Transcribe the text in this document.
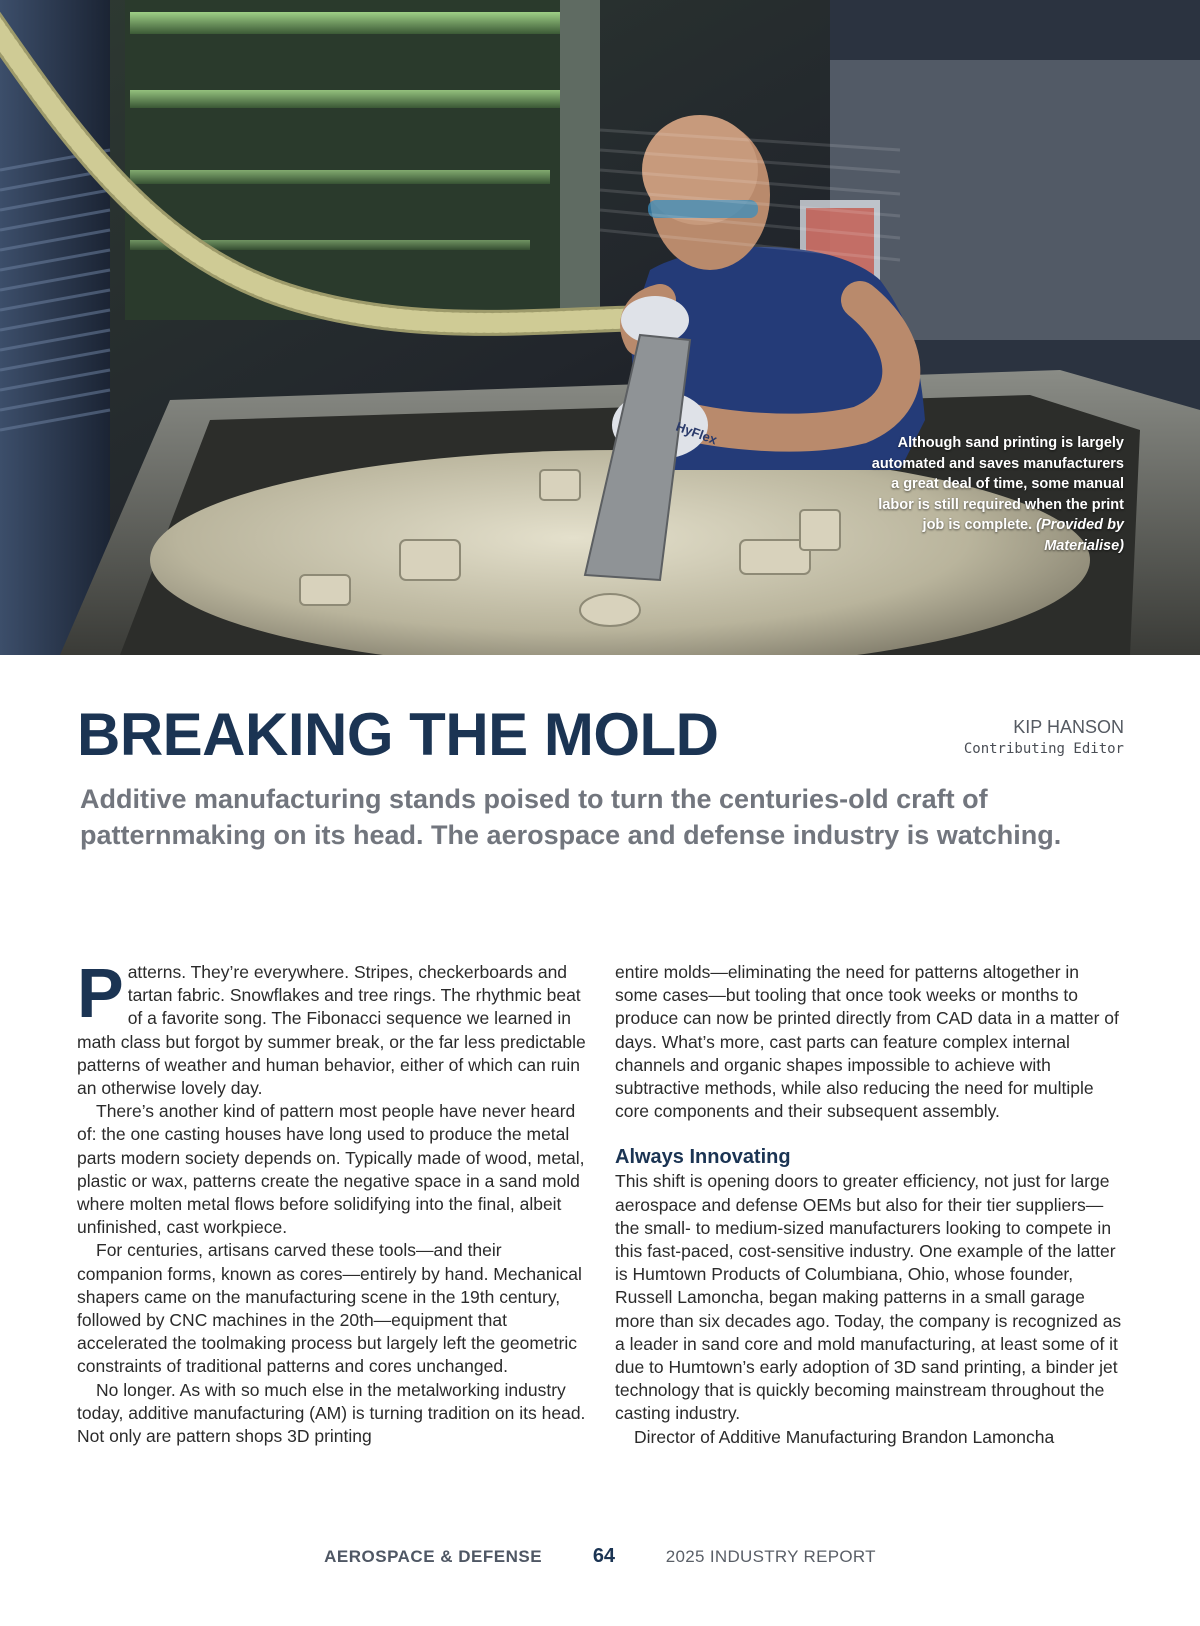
HyFlex	Although sand printing is largely automated and saves manufacturers a great deal of time, some manual labor is still required when the print job is complete. (Provided by Materialise)
BREAKING THE MOLD	KIP HANSON
Contributing Editor

Additive manufacturing stands poised to turn the centuries-old craft of patternmaking on its head. The aerospace and defense industry is watching.

Patterns. They’re everywhere. Stripes, checkerboards and tartan fabric. Snowflakes and tree rings. The rhythmic beat of a favorite song. The Fibonacci sequence we learned in math class but forgot by summer break, or the far less predictable patterns of weather and human behavior, either of which can ruin an otherwise lovely day.

There’s another kind of pattern most people have never heard of: the one casting houses have long used to produce the metal parts modern society depends on. Typically made of wood, metal, plastic or wax, patterns create the negative space in a sand mold where molten metal flows before solidifying into the final, albeit unfinished, cast workpiece.

For centuries, artisans carved these tools—and their companion forms, known as cores—entirely by hand. Mechanical shapers came on the manufacturing scene in the 19th century, followed by CNC machines in the 20th—equipment that accelerated the toolmaking process but largely left the geometric constraints of traditional patterns and cores unchanged.

No longer. As with so much else in the metalworking industry today, additive manufacturing (AM) is turning tradition on its head. Not only are pattern shops 3D printing

entire molds—eliminating the need for patterns altogether in some cases—but tooling that once took weeks or months to produce can now be printed directly from CAD data in a matter of days. What’s more, cast parts can feature complex internal channels and organic shapes impossible to achieve with subtractive methods, while also reducing the need for multiple core components and their subsequent assembly.

Always Innovating

This shift is opening doors to greater efficiency, not just for large aerospace and defense OEMs but also for their tier suppliers—the small- to medium-sized manufacturers looking to compete in this fast-paced, cost-sensitive industry. One example of the latter is Humtown Products of Columbiana, Ohio, whose founder, Russell Lamoncha, began making patterns in a small garage more than six decades ago. Today, the company is recognized as a leader in sand core and mold manufacturing, at least some of it due to Humtown’s early adoption of 3D sand printing, a binder jet technology that is quickly becoming mainstream throughout the casting industry.

Director of Additive Manufacturing Brandon Lamoncha

AEROSPACE & DEFENSE	64	2025 INDUSTRY REPORT
